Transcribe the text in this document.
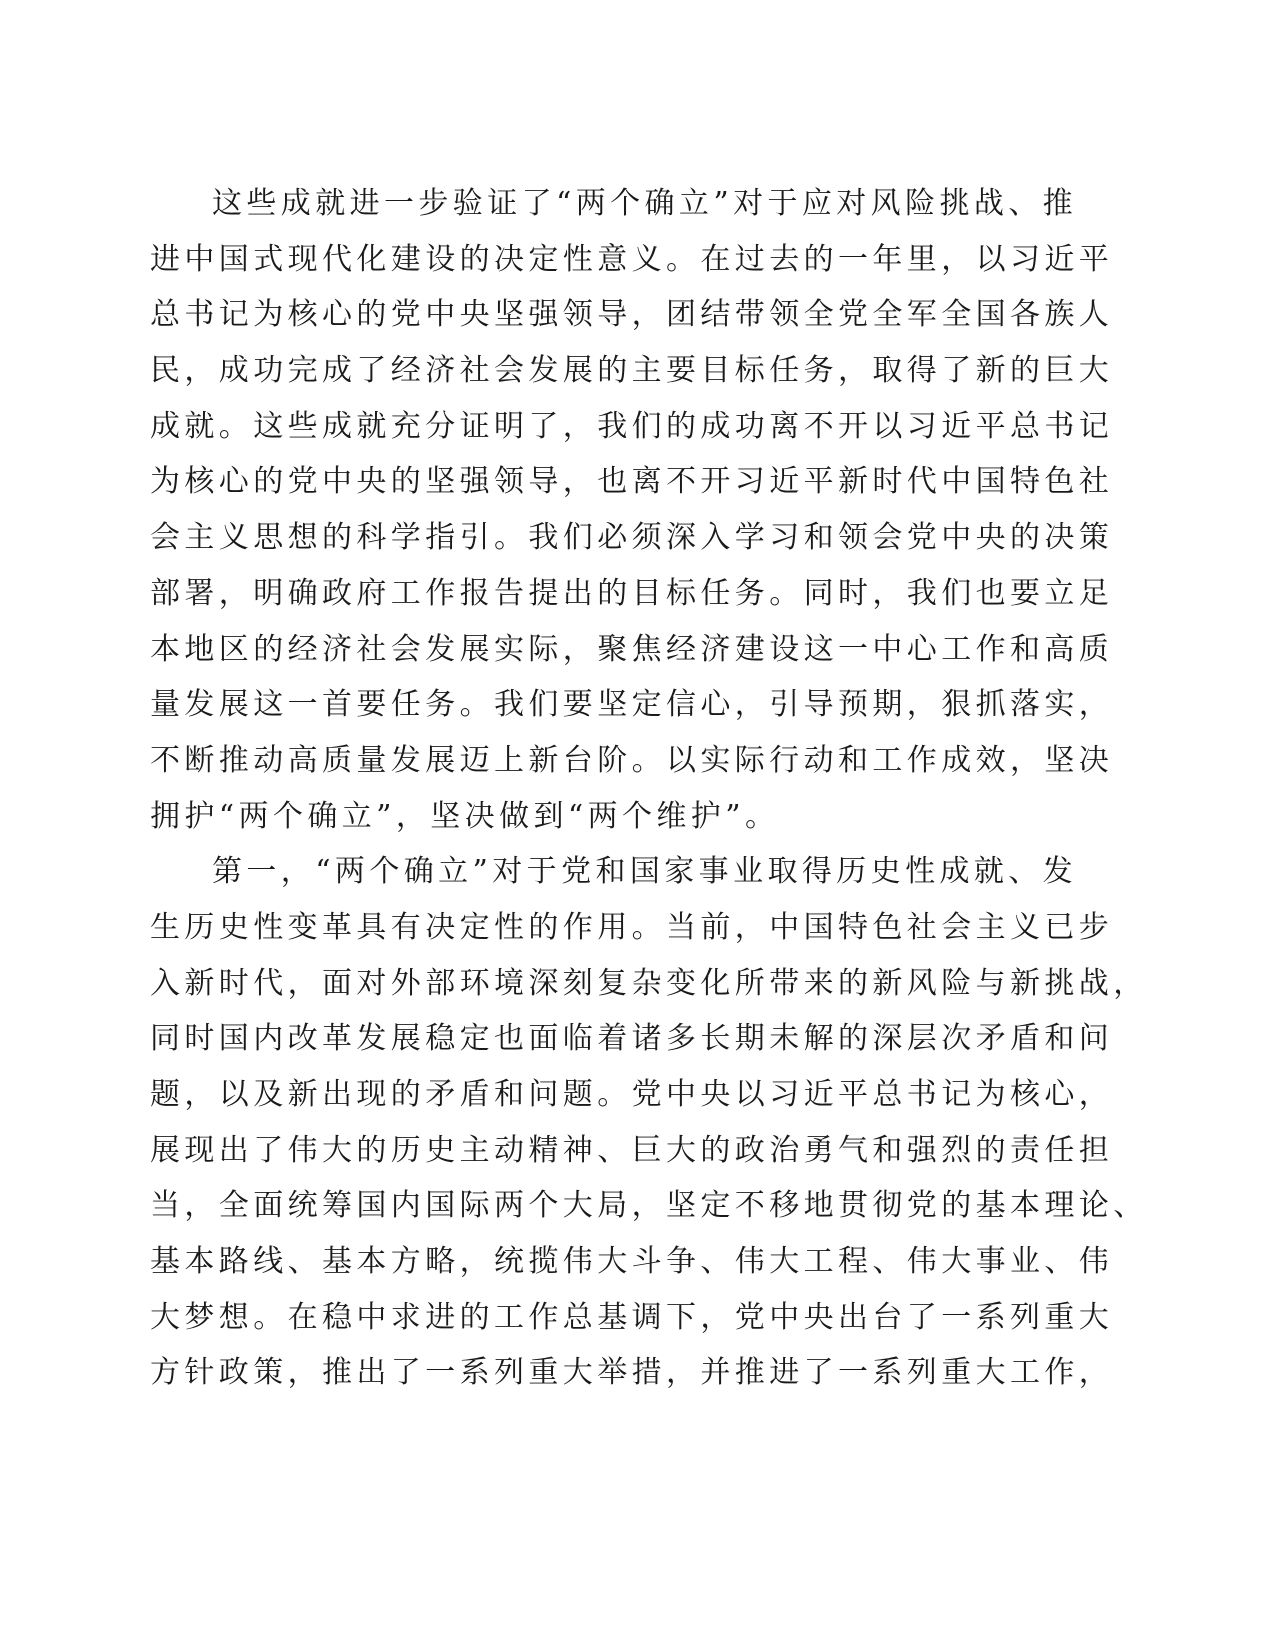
这些成就进一步验证了“两个确立”对于应对风险挑战、推
进中国式现代化建设的决定性意义。在过去的一年里，以习近平
总书记为核心的党中央坚强领导，团结带领全党全军全国各族人
民，成功完成了经济社会发展的主要目标任务，取得了新的巨大
成就。这些成就充分证明了，我们的成功离不开以习近平总书记
为核心的党中央的坚强领导，也离不开习近平新时代中国特色社
会主义思想的科学指引。我们必须深入学习和领会党中央的决策
部署，明确政府工作报告提出的目标任务。同时，我们也要立足
本地区的经济社会发展实际，聚焦经济建设这一中心工作和高质
量发展这一首要任务。我们要坚定信心，引导预期，狠抓落实，
不断推动高质量发展迈上新台阶。以实际行动和工作成效，坚决
拥护“两个确立”，坚决做到“两个维护”。
第一，“两个确立”对于党和国家事业取得历史性成就、发
生历史性变革具有决定性的作用。当前，中国特色社会主义已步
入新时代，面对外部环境深刻复杂变化所带来的新风险与新挑战，
同时国内改革发展稳定也面临着诸多长期未解的深层次矛盾和问
题，以及新出现的矛盾和问题。党中央以习近平总书记为核心，
展现出了伟大的历史主动精神、巨大的政治勇气和强烈的责任担
当，全面统筹国内国际两个大局，坚定不移地贯彻党的基本理论、
基本路线、基本方略，统揽伟大斗争、伟大工程、伟大事业、伟
大梦想。在稳中求进的工作总基调下，党中央出台了一系列重大
方针政策，推出了一系列重大举措，并推进了一系列重大工作，
